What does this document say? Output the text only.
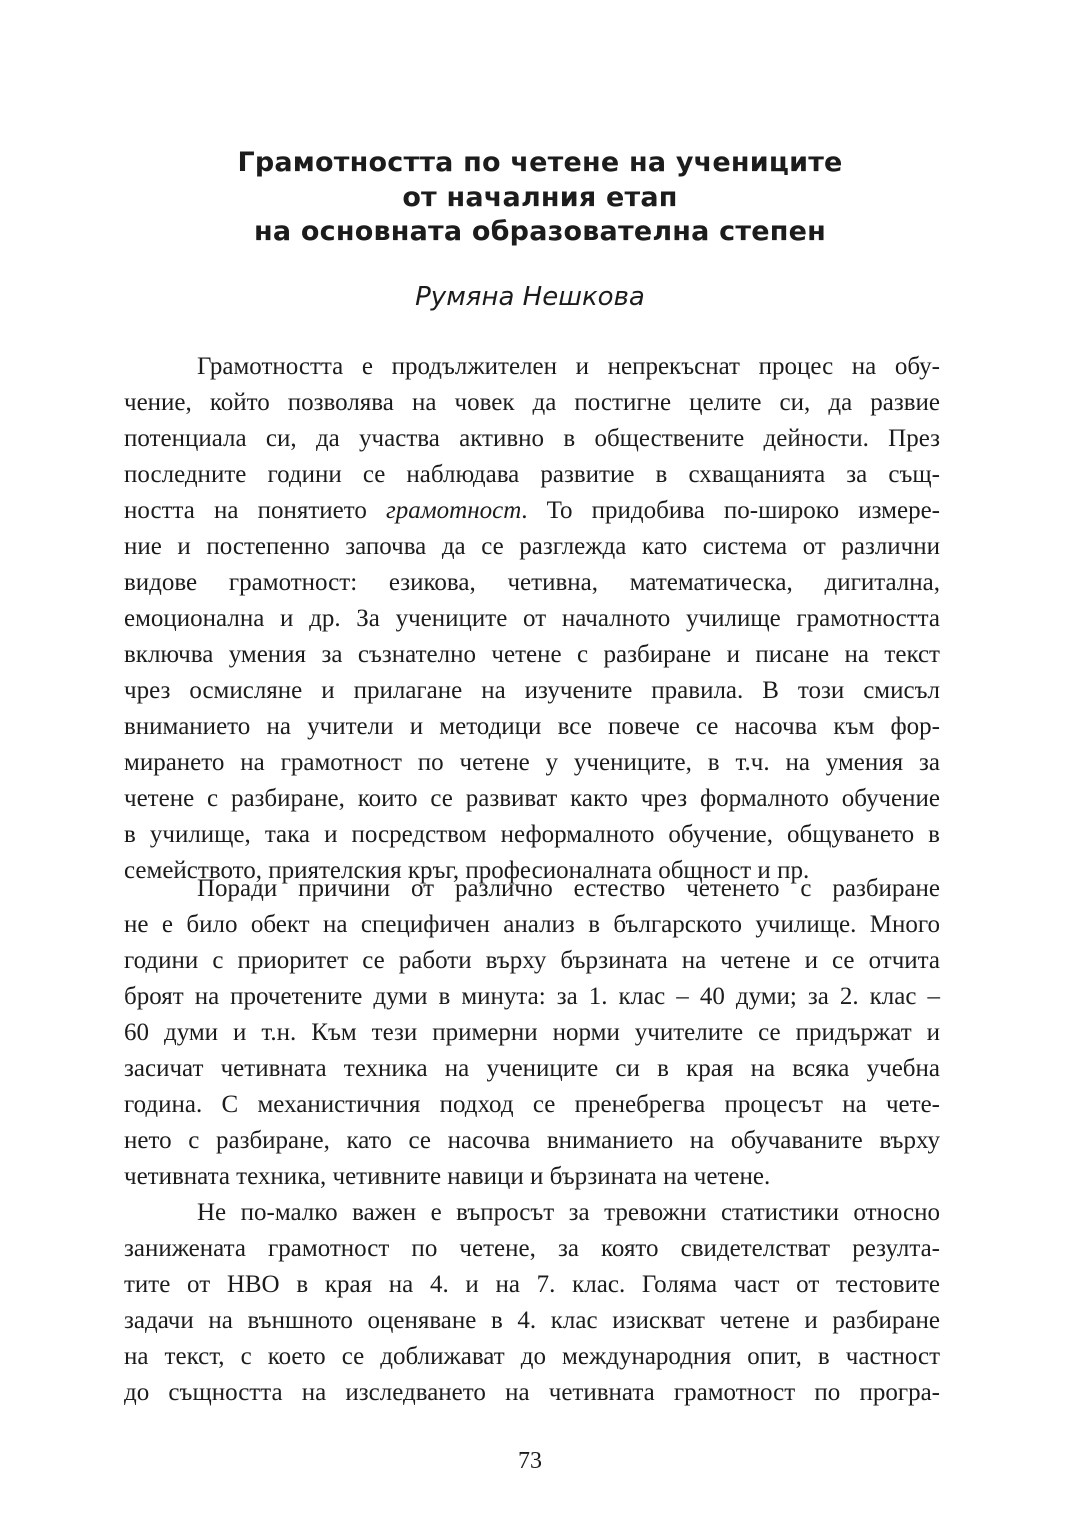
Грамотността по четене на учениците
от началния етап
на основната образователна степен
Румяна Нешкова
Грамотността е продължителен и непрекъснат процес на обу-
чение, който позволява на човек да постигне целите си, да развие
потенциала си, да участва активно в обществените дейности. През
последните години се наблюдава развитие в схващанията за същ-
ността на понятието грамотност. То придобива по-широко измере-
ние и постепенно започва да се разглежда като система от различни
видове грамотност: езикова, четивна, математическа, дигитална,
емоционална и др. За учениците от началното училище грамотността
включва умения за съзнателно четене с разбиране и писане на текст
чрез осмисляне и прилагане на изучените правила. В този смисъл
вниманието на учители и методици все повече се насочва към фор-
мирането на грамотност по четене у учениците, в т.ч. на умения за
четене с разбиране, които се развиват както чрез формалното обучение
в училище, така и посредством неформалното обучение, общуването в
семейството, приятелския кръг, професионалната общност и пр.
Поради причини от различно естество четенето с разбиране
не е било обект на специфичен анализ в българското училище. Много
години с приоритет се работи върху бързината на четене и се отчита
броят на прочетените думи в минута: за 1. клас – 40 думи; за 2. клас –
60 думи и т.н. Към тези примерни норми учителите се придържат и
засичат четивната техника на учениците си в края на всяка учебна
година. С механистичния подход се пренебрегва процесът на чете-
нето с разбиране, като се насочва вниманието на обучаваните върху
четивната техника, четивните навици и бързината на четене.
Не по-малко важен е въпросът за тревожни статистики относно
занижената грамотност по четене, за която свидетелстват резулта-
тите от НВО в края на 4. и на 7. клас. Голяма част от тестовите
задачи на външното оценяване в 4. клас изискват четене и разбиране
на текст, с което се доближават до международния опит, в частност
до същността на изследването на четивната грамотност по програ-
73
